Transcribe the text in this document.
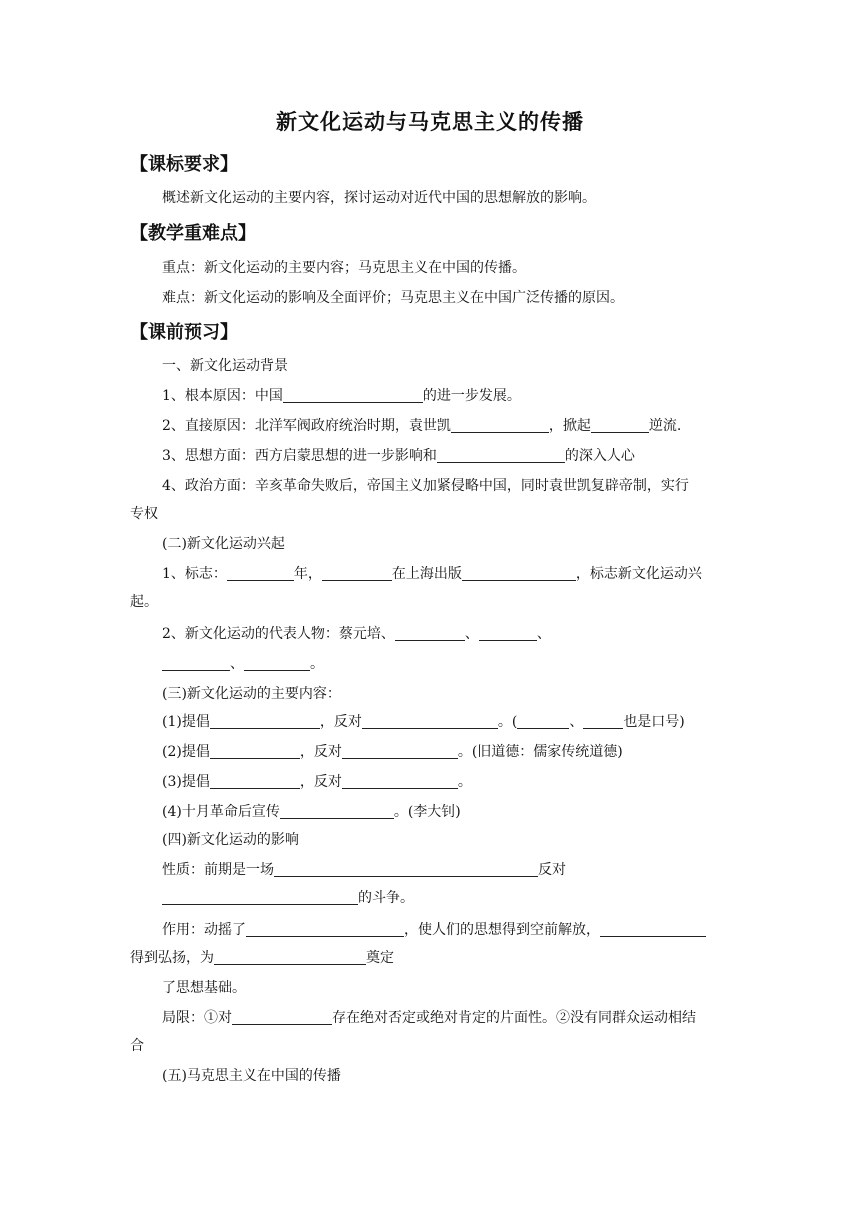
新文化运动与马克思主义的传播
【课标要求】
概述新文化运动的主要内容，探讨运动对近代中国的思想解放的影响。
【教学重难点】
重点：新文化运动的主要内容；马克思主义在中国的传播。
难点：新文化运动的影响及全面评价；马克思主义在中国广泛传播的原因。
【课前预习】
一、新文化运动背景
1、根本原因：中国	的进一步发展。
2、直接原因：北洋军阀政府统治时期，袁世凯	，掀起	逆流.
3、思想方面：西方启蒙思想的进一步影响和	的深入人心
4、政治方面：辛亥革命失败后，帝国主义加紧侵略中国，同时袁世凯复辟帝制，实行
专权
(二)新文化运动兴起
1、标志：	年，	在上海出版	，标志新文化运动兴
起。
2、新文化运动的代表人物：蔡元培、	、	、
、	。
(三)新文化运动的主要内容：
(1)提倡	，反对	。(	、	也是口号)
(2)提倡	，反对	。(旧道德：儒家传统道德)
(3)提倡	，反对	。
(4)十月革命后宣传	。(李大钊)
(四)新文化运动的影响
性质：前期是一场	反对
的斗争。
作用：动摇了	，使人们的思想得到空前解放，
得到弘扬，为	奠定
了思想基础。
局限：①对	存在绝对否定或绝对肯定的片面性。②没有同群众运动相结
合
(五)马克思主义在中国的传播
